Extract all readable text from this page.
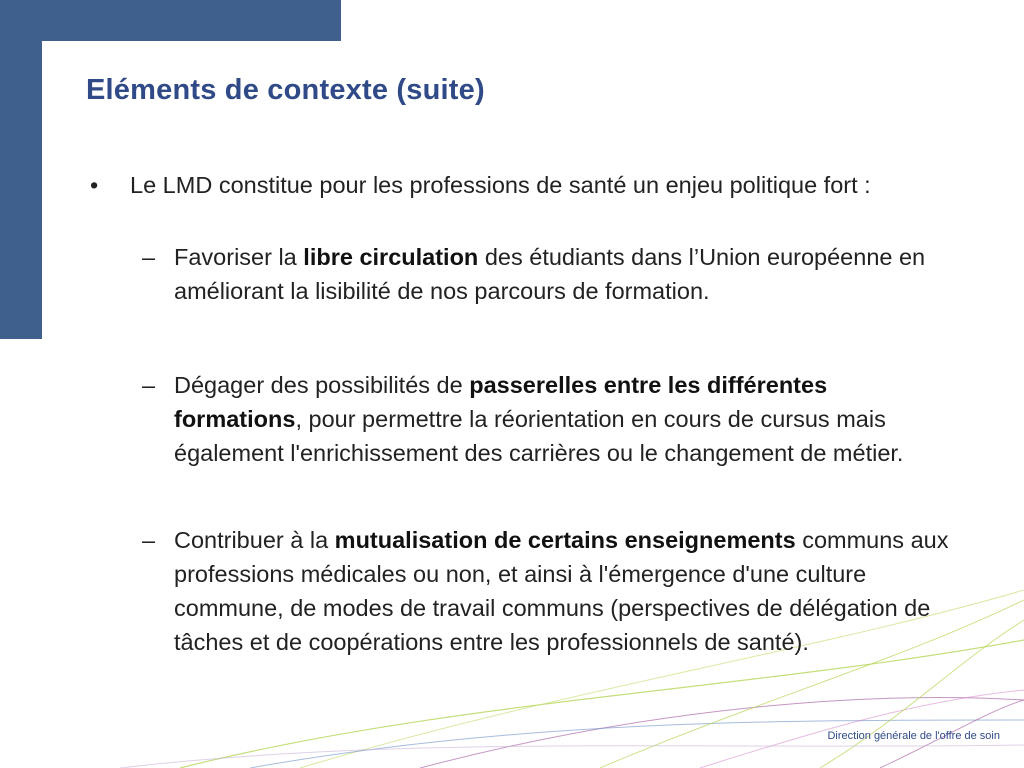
Eléments de contexte (suite)
• Le LMD constitue pour les professions de santé un enjeu politique fort :
– Favoriser la libre circulation des étudiants dans l’Union européenne en améliorant la lisibilité de nos parcours de formation.
– Dégager des possibilités de passerelles entre les différentes formations, pour permettre la réorientation en cours de cursus mais également l'enrichissement des carrières ou le changement de métier.
– Contribuer à la mutualisation de certains enseignements communs aux professions médicales ou non, et ainsi à l'émergence d'une culture commune, de modes de travail communs (perspectives de délégation de tâches et de coopérations entre les professionnels de santé).
Direction générale de l'offre de soin
